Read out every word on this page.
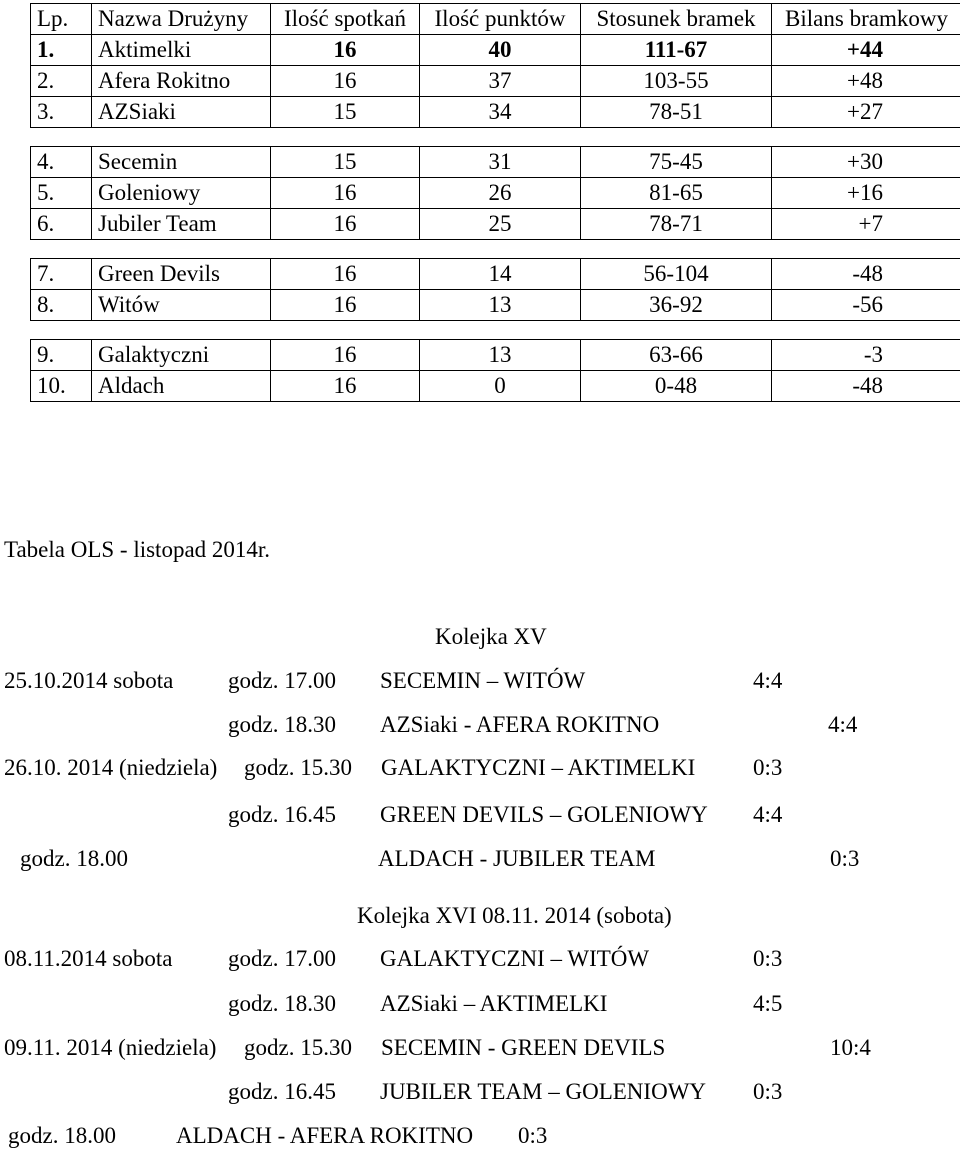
Lp.	Nazwa Drużyny	Ilość spotkań	Ilość punktów	Stosunek bramek	Bilans bramkowy
1.	Aktimelki	16	40	111-67	+44
2.	Afera Rokitno	16	37	103-55	+48
3.	AZSiaki	15	34	78-51	+27

4.	Secemin	15	31	75-45	+30
5.	Goleniowy	16	26	81-65	+16
6.	Jubiler Team	16	25	78-71	+7

7.	Green Devils	16	14	56-104	-48
8.	Witów	16	13	36-92	-56

9.	Galaktyczni	16	13	63-66	-3
10.	Aldach	16	0	0-48	-48
Tabela OLS - listopad 2014r.
Kolejka XV
25.10.2014 sobota godz. 17.00 SECEMIN – WITÓW	4:4
godz. 18.30 AZSiaki - AFERA ROKITNO	4:4
26.10. 2014 (niedziela) godz. 15.30 GALAKTYCZNI – AKTIMELKI	0:3
godz. 16.45 GREEN DEVILS – GOLENIOWY 4:4
godz. 18.00	ALDACH - JUBILER TEAM	0:3
Kolejka XVI 08.11. 2014 (sobota)
08.11.2014 sobota godz. 17.00 GALAKTYCZNI – WITÓW	0:3
godz. 18.30 AZSiaki – AKTIMELKI	4:5
09.11. 2014 (niedziela) godz. 15.30 SECEMIN - GREEN DEVILS	10:4
godz. 16.45 JUBILER TEAM – GOLENIOWY 0:3
godz. 18.00	ALDACH - AFERA ROKITNO 0:3
